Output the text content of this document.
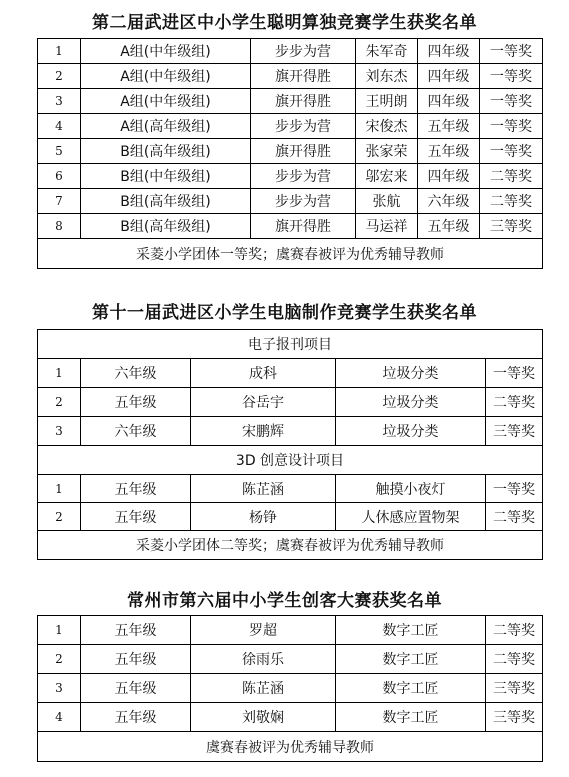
第二届武进区中小学生聪明算独竞赛学生获奖名单
1	A组(中年级组)	步步为营	朱军奇	四年级	一等奖
2	A组(中年级组)	旗开得胜	刘东杰	四年级	一等奖
3	A组(中年级组)	旗开得胜	王明朗	四年级	一等奖
4	A组(高年级组)	步步为营	宋俊杰	五年级	一等奖
5	B组(高年级组)	旗开得胜	张家荣	五年级	一等奖
6	B组(中年级组)	步步为营	邬宏来	四年级	二等奖
7	B组(高年级组)	步步为营	张航	六年级	二等奖
8	B组(高年级组)	旗开得胜	马运祥	五年级	三等奖
采菱小学团体一等奖；虞赛春被评为优秀辅导教师					
第十一届武进区小学生电脑制作竞赛学生获奖名单
电子报刊项目				
1	六年级	成科	垃圾分类	一等奖
2	五年级	谷岳宇	垃圾分类	二等奖
3	六年级	宋鹏辉	垃圾分类	三等奖
3D 创意设计项目				
1	五年级	陈芷涵	触摸小夜灯	一等奖
2	五年级	杨铮	人休感应置物架	二等奖
采菱小学团体二等奖；虞赛春被评为优秀辅导教师				
常州市第六届中小学生创客大赛获奖名单
1	五年级	罗超	数字工匠	二等奖
2	五年级	徐雨乐	数字工匠	二等奖
3	五年级	陈芷涵	数字工匠	三等奖
4	五年级	刘敬娴	数字工匠	三等奖
虞赛春被评为优秀辅导教师				
